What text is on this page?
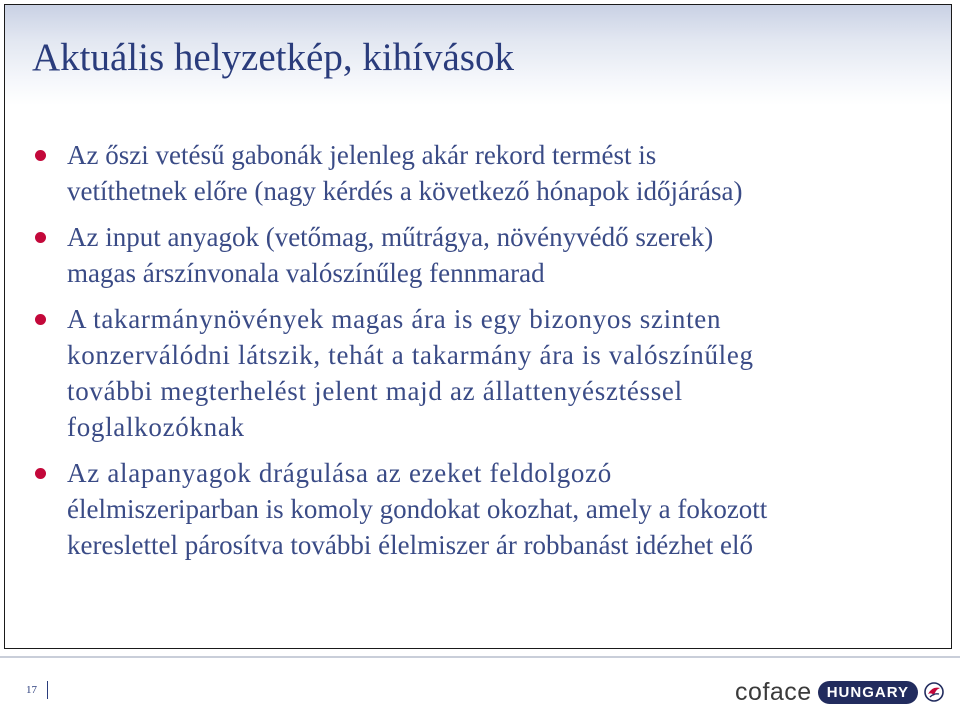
Aktuális helyzetkép, kihívások
Az őszi vetésű gabonák jelenleg akár rekord termést is
vetíthetnek előre (nagy kérdés a következő hónapok időjárása)
Az input anyagok (vetőmag, műtrágya, növényvédő szerek)
magas árszínvonala valószínűleg fennmarad
A takarmánynövények magas ára is egy bizonyos szinten
konzerválódni látszik, tehát a takarmány ára is valószínűleg
további megterhelést jelent majd az állattenyésztéssel
foglalkozóknak
Az alapanyagok drágulása az ezeket feldolgozó
élelmiszeriparban is komoly gondokat okozhat, amely a fokozott
kereslettel párosítva további élelmiszer ár robbanást idézhet elő
17	coface	HUNGARY
